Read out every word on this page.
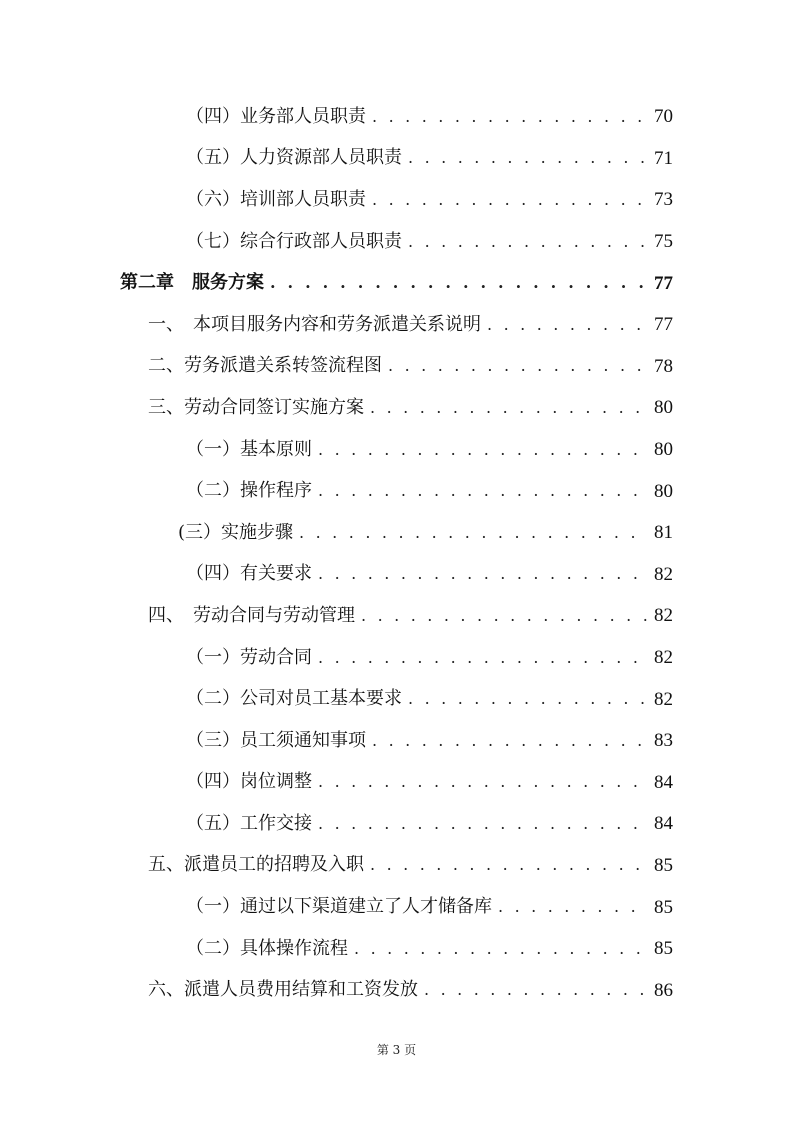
（四）业务部人员职责 . . .	70
（五）人力资源部人员职责 . . .	71
（六）培训部人员职责 . . .	73
（七）综合行政部人员职责 . . .	75
第二章　服务方案 . . .	77
一、　本项目服务内容和劳务派遣关系说明 . . .	77
二、劳务派遣关系转签流程图 . . .	78
三、劳动合同签订实施方案 . . .	80
（一）基本原则 . . .	80
（二）操作程序 . . .	80
(三）实施步骤 . . .	81
（四）有关要求 . . .	82
四、　劳动合同与劳动管理 . . .	82
（一）劳动合同 . . .	82
（二）公司对员工基本要求 . . .	82
（三）员工须通知事项 . . .	83
（四）岗位调整 . . .	84
（五）工作交接 . . .	84
五、派遣员工的招聘及入职 . . .	85
（一）通过以下渠道建立了人才储备库 . . .	85
（二）具体操作流程 . . .	85
六、派遣人员费用结算和工资发放 . . .	86
第 3 页
